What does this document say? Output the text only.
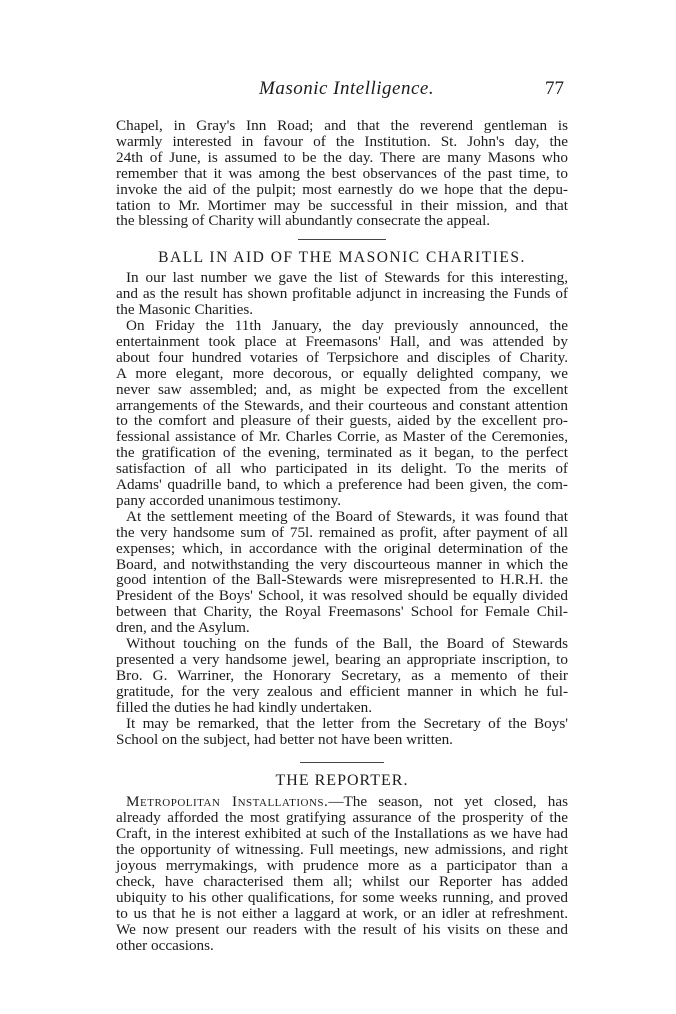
Masonic Intelligence.	77

Chapel, in Gray's Inn Road; and that the reverend gentleman is

warmly interested in favour of the Institution. St. John's day, the

24th of June, is assumed to be the day. There are many Masons who

remember that it was among the best observances of the past time, to

invoke the aid of the pulpit; most earnestly do we hope that the depu-

tation to Mr. Mortimer may be successful in their mission, and that

the blessing of Charity will abundantly consecrate the appeal.

BALL IN AID OF THE MASONIC CHARITIES.

In our last number we gave the list of Stewards for this interesting,

and as the result has shown profitable adjunct in increasing the Funds of

the Masonic Charities.

On Friday the 11th January, the day previously announced, the

entertainment took place at Freemasons' Hall, and was attended by

about four hundred votaries of Terpsichore and disciples of Charity.

A more elegant, more decorous, or equally delighted company, we

never saw assembled; and, as might be expected from the excellent

arrangements of the Stewards, and their courteous and constant attention

to the comfort and pleasure of their guests, aided by the excellent pro-

fessional assistance of Mr. Charles Corrie, as Master of the Ceremonies,

the gratification of the evening, terminated as it began, to the perfect

satisfaction of all who participated in its delight. To the merits of

Adams' quadrille band, to which a preference had been given, the com-

pany accorded unanimous testimony.

At the settlement meeting of the Board of Stewards, it was found that

the very handsome sum of 75l. remained as profit, after payment of all

expenses; which, in accordance with the original determination of the

Board, and notwithstanding the very discourteous manner in which the

good intention of the Ball-Stewards were misrepresented to H.R.H. the

President of the Boys' School, it was resolved should be equally divided

between that Charity, the Royal Freemasons' School for Female Chil-

dren, and the Asylum.

Without touching on the funds of the Ball, the Board of Stewards

presented a very handsome jewel, bearing an appropriate inscription, to

Bro. G. Warriner, the Honorary Secretary, as a memento of their

gratitude, for the very zealous and efficient manner in which he ful-

filled the duties he had kindly undertaken.

It may be remarked, that the letter from the Secretary of the Boys'

School on the subject, had better not have been written.

THE REPORTER.

Metropolitan Installations.—The season, not yet closed, has

already afforded the most gratifying assurance of the prosperity of the

Craft, in the interest exhibited at such of the Installations as we have had

the opportunity of witnessing. Full meetings, new admissions, and right

joyous merrymakings, with prudence more as a participator than a

check, have characterised them all; whilst our Reporter has added

ubiquity to his other qualifications, for some weeks running, and proved

to us that he is not either a laggard at work, or an idler at refreshment.

We now present our readers with the result of his visits on these and

other occasions.
